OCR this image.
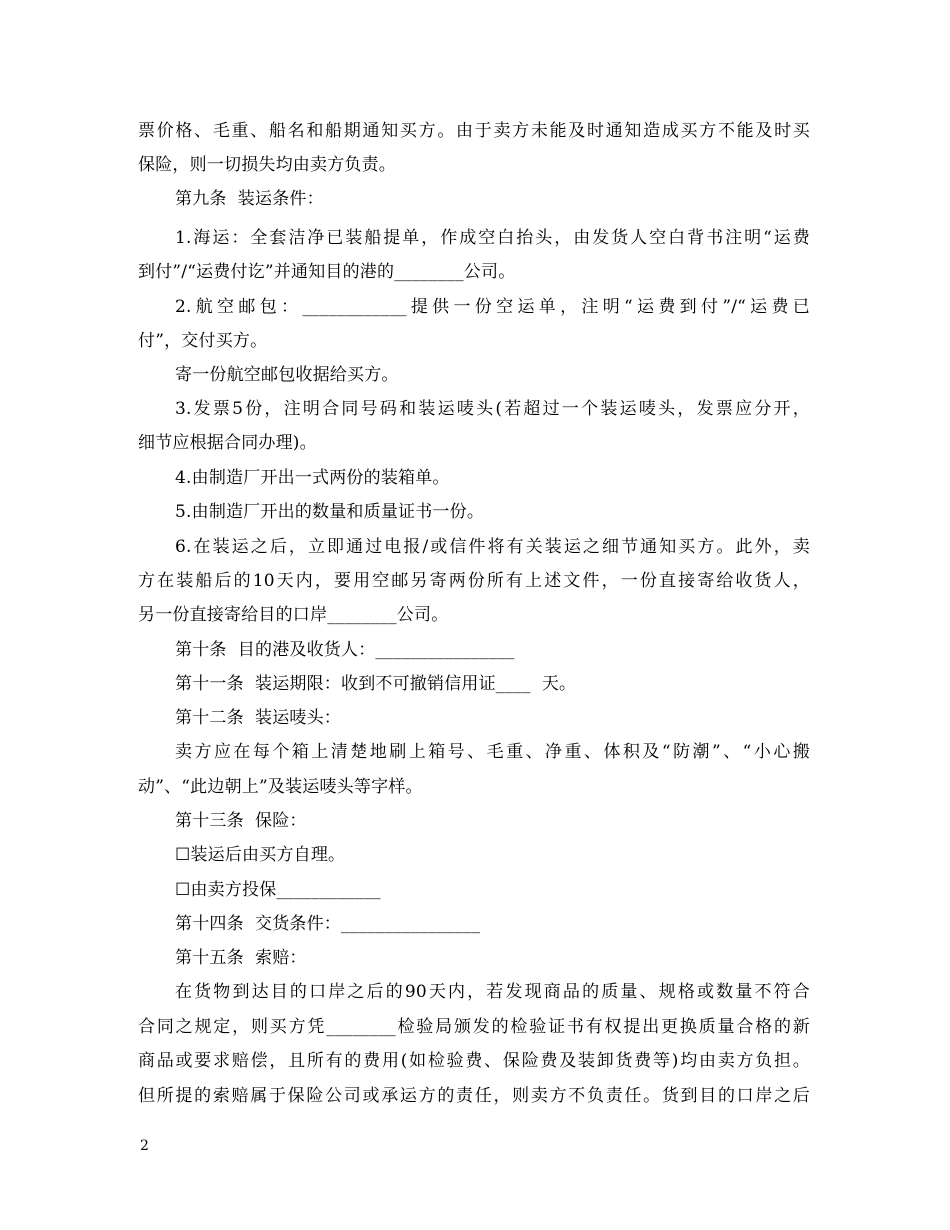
票价格、毛重、船名和船期通知买方。由于卖方未能及时通知造成买方不能及时买
保险，则一切损失均由卖方负责。
第九条  装运条件：
1.海运：全套洁净已装船提单，作成空白抬头，由发货人空白背书注明“运费
到付”/“运费付讫”并通知目的港的________公司。
2.航空邮包：____________提供一份空运单，注明“运费到付”/“运费已
付”，交付买方。
寄一份航空邮包收据给买方。
3.发票5份，注明合同号码和装运唛头(若超过一个装运唛头，发票应分开，
细节应根据合同办理)。
4.由制造厂开出一式两份的装箱单。
5.由制造厂开出的数量和质量证书一份。
6.在装运之后，立即通过电报/或信件将有关装运之细节通知买方。此外，卖
方在装船后的10天内，要用空邮另寄两份所有上述文件，一份直接寄给收货人，
另一份直接寄给目的口岸________公司。
第十条  目的港及收货人：________________
第十一条  装运期限：收到不可撤销信用证____  天。
第十二条  装运唛头：
卖方应在每个箱上清楚地刷上箱号、毛重、净重、体积及“防潮”、“小心搬
动”、“此边朝上”及装运唛头等字样。
第十三条  保险：
☐装运后由买方自理。
☐由卖方投保____________
第十四条  交货条件：________________
第十五条  索赔：
在货物到达目的口岸之后的90天内，若发现商品的质量、规格或数量不符合
合同之规定，则买方凭________检验局颁发的检验证书有权提出更换质量合格的新
商品或要求赔偿，且所有的费用(如检验费、保险费及装卸货费等)均由卖方负担。
但所提的索赔属于保险公司或承运方的责任，则卖方不负责任。货到目的口岸之后
2
